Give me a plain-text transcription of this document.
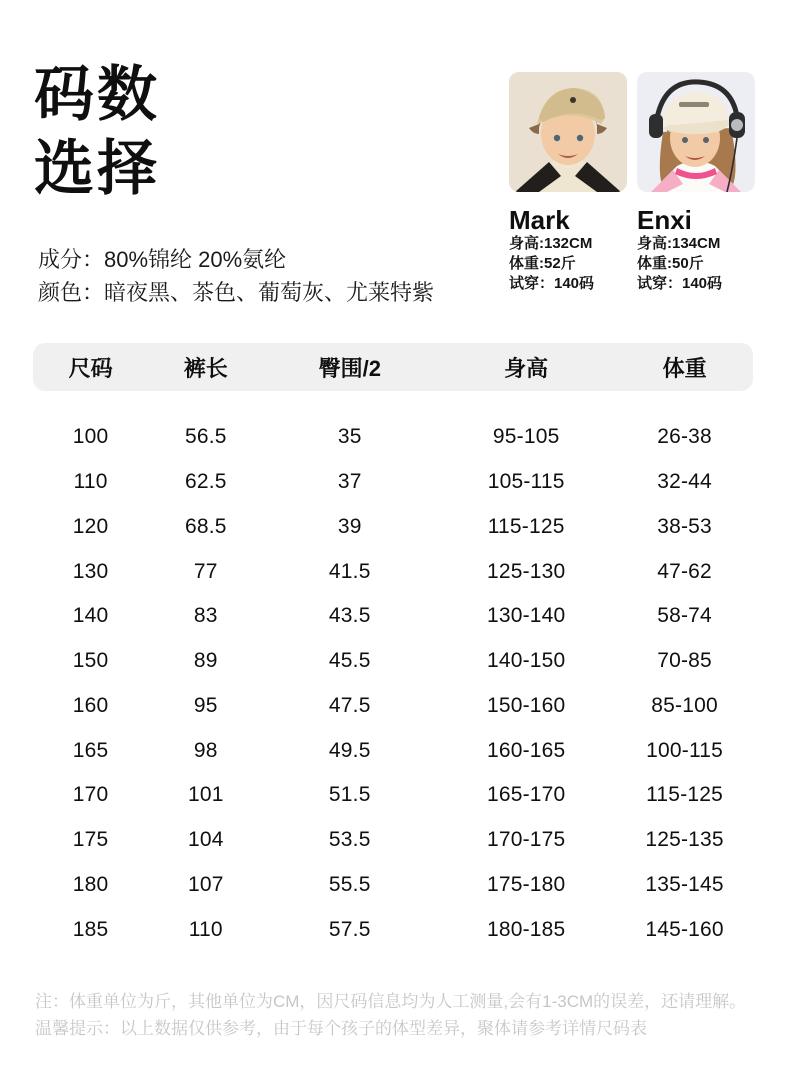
码数
选择
成分：80%锦纶 20%氨纶
颜色：暗夜黑、茶色、葡萄灰、尤莱特紫
Mark
身高:132CM
体重:52斤
试穿：140码
Enxi
身高:134CM
体重:50斤
试穿：140码
尺码	裤长	臀围/2	身高	体重
100	56.5	35	95-105	26-38
110	62.5	37	105-115	32-44
120	68.5	39	115-125	38-53
130	77	41.5	125-130	47-62
140	83	43.5	130-140	58-74
150	89	45.5	140-150	70-85
160	95	47.5	150-160	85-100
165	98	49.5	160-165	100-115
170	101	51.5	165-170	115-125
175	104	53.5	170-175	125-135
180	107	55.5	175-180	135-145
185	110	57.5	180-185	145-160
注：体重单位为斤，其他单位为CM，因尺码信息均为人工测量,会有1-3CM的误差，还请理解。
温馨提示：以上数据仅供参考，由于每个孩子的体型差异，聚体请参考详情尺码表
